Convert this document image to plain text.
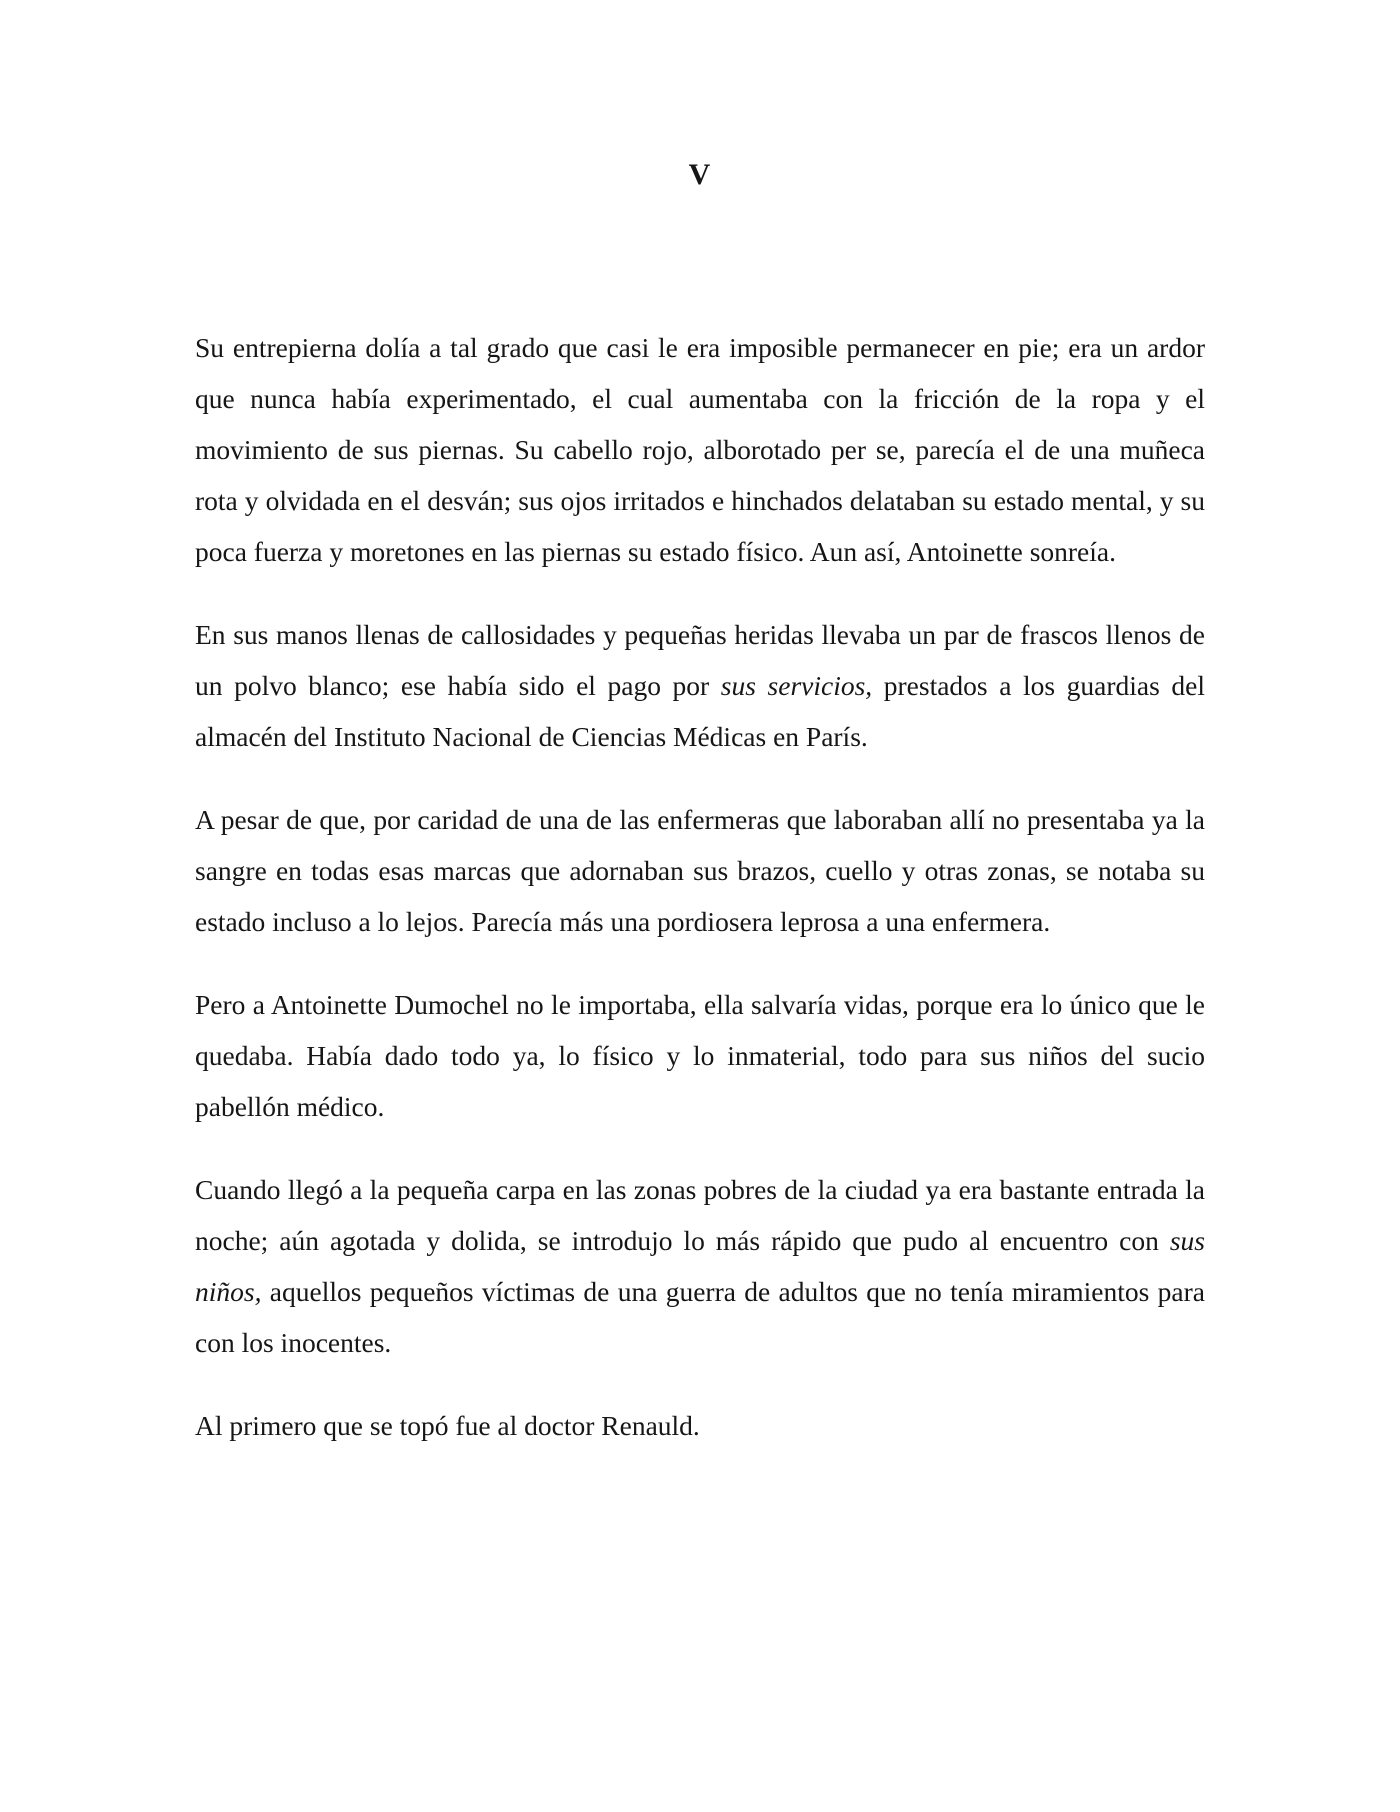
V

Su entrepierna dolía a tal grado que casi le era imposible permanecer en pie; era un ardor que nunca había experimentado, el cual aumentaba con la fricción de la ropa y el movimiento de sus piernas. Su cabello rojo, alborotado per se, parecía el de una muñeca rota y olvidada en el desván; sus ojos irritados e hinchados delataban su estado mental, y su poca fuerza y moretones en las piernas su estado físico. Aun así, Antoinette sonreía.

En sus manos llenas de callosidades y pequeñas heridas llevaba un par de frascos llenos de un polvo blanco; ese había sido el pago por sus servicios, prestados a los guardias del almacén del Instituto Nacional de Ciencias Médicas en París.

A pesar de que, por caridad de una de las enfermeras que laboraban allí no presentaba ya la sangre en todas esas marcas que adornaban sus brazos, cuello y otras zonas, se notaba su estado incluso a lo lejos. Parecía más una pordiosera leprosa a una enfermera.

Pero a Antoinette Dumochel no le importaba, ella salvaría vidas, porque era lo único que le quedaba. Había dado todo ya, lo físico y lo inmaterial, todo para sus niños del sucio pabellón médico.

Cuando llegó a la pequeña carpa en las zonas pobres de la ciudad ya era bastante entrada la noche; aún agotada y dolida, se introdujo lo más rápido que pudo al encuentro con sus niños, aquellos pequeños víctimas de una guerra de adultos que no tenía miramientos para con los inocentes.

Al primero que se topó fue al doctor Renauld.
